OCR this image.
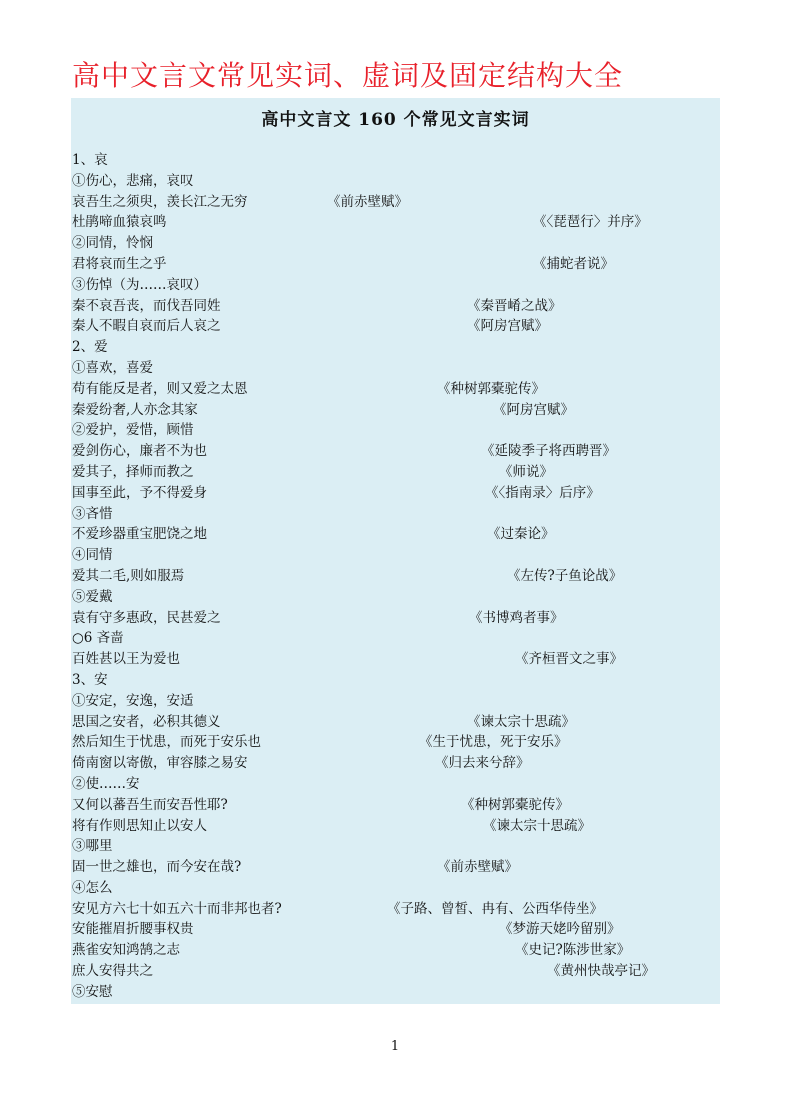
高中文言文常见实词、虚词及固定结构大全
高中文言文 160 个常见文言实词
1、哀
①伤心，悲痛，哀叹
哀吾生之须臾，羡长江之无穷	《前赤壁赋》
杜鹃啼血猿哀鸣	《〈琵琶行〉并序》
②同情，怜悯
君将哀而生之乎	《捕蛇者说》
③伤悼（为……哀叹）
秦不哀吾丧，而伐吾同姓	《秦晋崤之战》
秦人不暇自哀而后人哀之	《阿房宫赋》
2、爱
①喜欢，喜爱
苟有能反是者，则又爱之太恩	《种树郭橐驼传》
秦爱纷奢,人亦念其家	《阿房宫赋》
②爱护，爱惜，顾惜
爱剑伤心，廉者不为也	《延陵季子将西聘晋》
爱其子，择师而教之	《师说》
国事至此，予不得爱身	《〈指南录〉后序》
③吝惜
不爱珍器重宝肥饶之地	《过秦论》
④同情
爱其二毛,则如服焉	《左传?子鱼论战》
⑤爱戴
袁有守多惠政，民甚爱之	《书博鸡者事》
○6 吝啬
百姓甚以王为爱也	《齐桓晋文之事》
3、安
①安定，安逸，安适
思国之安者，必积其德义	《谏太宗十思疏》
然后知生于忧患，而死于安乐也	《生于忧患，死于安乐》
倚南窗以寄傲，审容膝之易安	《归去来兮辞》
②使……安
又何以蕃吾生而安吾性耶?	《种树郭橐驼传》
将有作则思知止以安人	《谏太宗十思疏》
③哪里
固一世之雄也，而今安在哉?	《前赤壁赋》
④怎么
安见方六七十如五六十而非邦也者?	《子路、曾皙、冉有、公西华侍坐》
安能摧眉折腰事权贵	《梦游天姥吟留别》
燕雀安知鸿鹄之志	《史记?陈涉世家》
庶人安得共之	《黄州快哉亭记》
⑤安慰
1
